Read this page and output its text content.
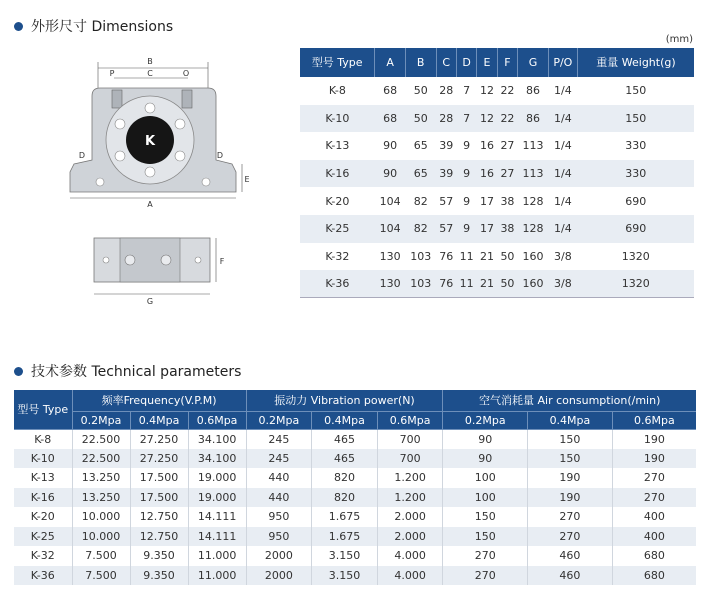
外形尺寸 Dimensions
(mm)
B
C
P	O
K
A
D	D
E
G
F
型号 Type	A	B	C	D	E	F	G	P/O	重量 Weight(g)
K-8	68	50	28	7	12	22	86	1/4	150
K-10	68	50	28	7	12	22	86	1/4	150
K-13	90	65	39	9	16	27	113	1/4	330
K-16	90	65	39	9	16	27	113	1/4	330
K-20	104	82	57	9	17	38	128	1/4	690
K-25	104	82	57	9	17	38	128	1/4	690
K-32	130	103	76	11	21	50	160	3/8	1320
K-36	130	103	76	11	21	50	160	3/8	1320
技术参数 Technical parameters
型号 Type	频率Frequency(V.P.M)			振动力 Vibration power(N)			空气消耗量 Air consumption(/min)		
	0.2Mpa	0.4Mpa	0.6Mpa	0.2Mpa	0.4Mpa	0.6Mpa	0.2Mpa	0.4Mpa	0.6Mpa
K-8	22.500	27.250	34.100	245	465	700	90	150	190
K-10	22.500	27.250	34.100	245	465	700	90	150	190
K-13	13.250	17.500	19.000	440	820	1.200	100	190	270
K-16	13.250	17.500	19.000	440	820	1.200	100	190	270
K-20	10.000	12.750	14.111	950	1.675	2.000	150	270	400
K-25	10.000	12.750	14.111	950	1.675	2.000	150	270	400
K-32	7.500	9.350	11.000	2000	3.150	4.000	270	460	680
K-36	7.500	9.350	11.000	2000	3.150	4.000	270	460	680
